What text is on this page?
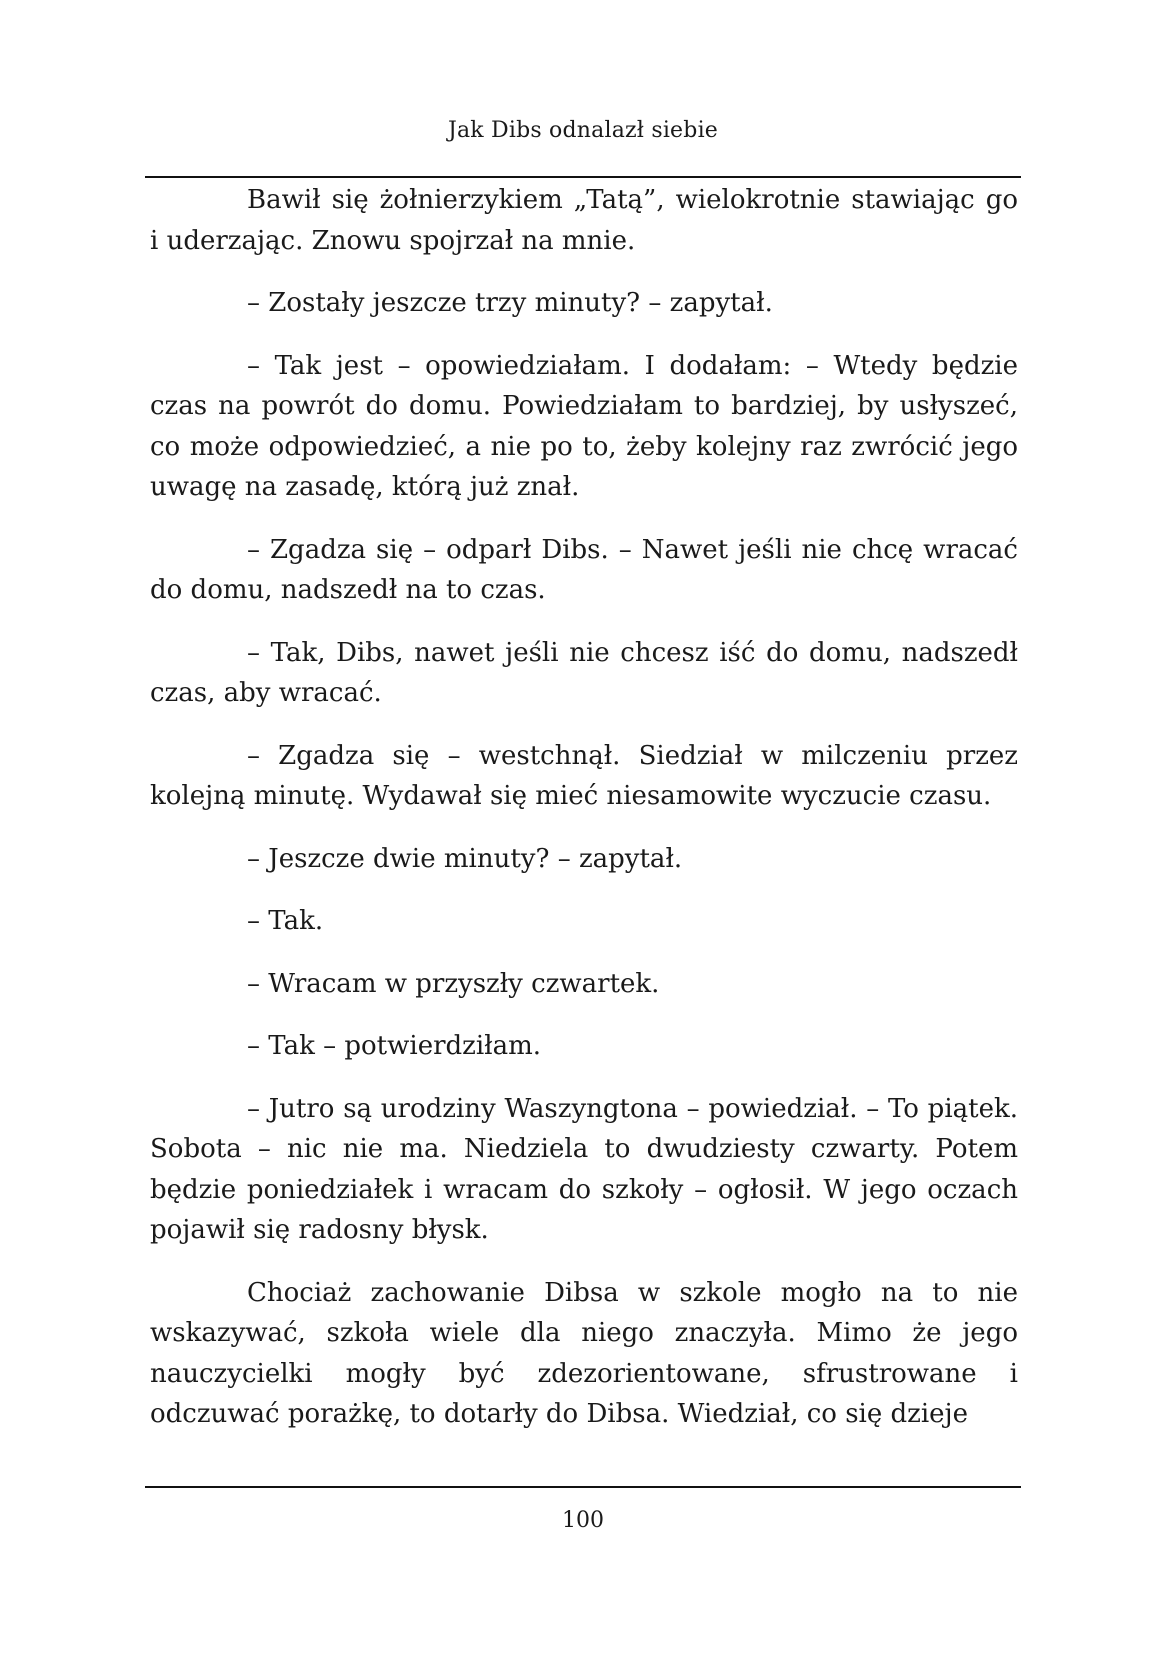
Jak Dibs odnalazł siebie

Bawił się żołnierzykiem „Tatą”, wielokrotnie stawiając go i uderzając. Znowu spojrzał na mnie.

– Zostały jeszcze trzy minuty? – zapytał.

– Tak jest – opowiedziałam. I dodałam: – Wtedy będzie czas na powrót do domu. Powiedziałam to bardziej, by usłyszeć, co może odpowiedzieć, a nie po to, żeby kolejny raz zwrócić jego uwagę na zasadę, którą już znał.

– Zgadza się – odparł Dibs. – Nawet jeśli nie chcę wracać do domu, nadszedł na to czas.

– Tak, Dibs, nawet jeśli nie chcesz iść do domu, nadszedł czas, aby wracać.

– Zgadza się – westchnął. Siedział w milczeniu przez kolejną minutę. Wydawał się mieć niesamowite wyczucie czasu.

– Jeszcze dwie minuty? – zapytał.

– Tak.

– Wracam w przyszły czwartek.

– Tak – potwierdziłam.

– Jutro są urodziny Waszyngtona – powiedział. – To piątek. Sobota – nic nie ma. Niedziela to dwudziesty czwarty. Potem będzie poniedziałek i wracam do szkoły – ogłosił. W jego oczach pojawił się radosny błysk.

Chociaż zachowanie Dibsa w szkole mogło na to nie wskazywać, szkoła wiele dla niego znaczyła. Mimo że jego nauczycielki mogły być zdezorientowane, sfrustrowane i odczuwać porażkę, to dotarły do Dibsa. Wiedział, co się dzieje

100
